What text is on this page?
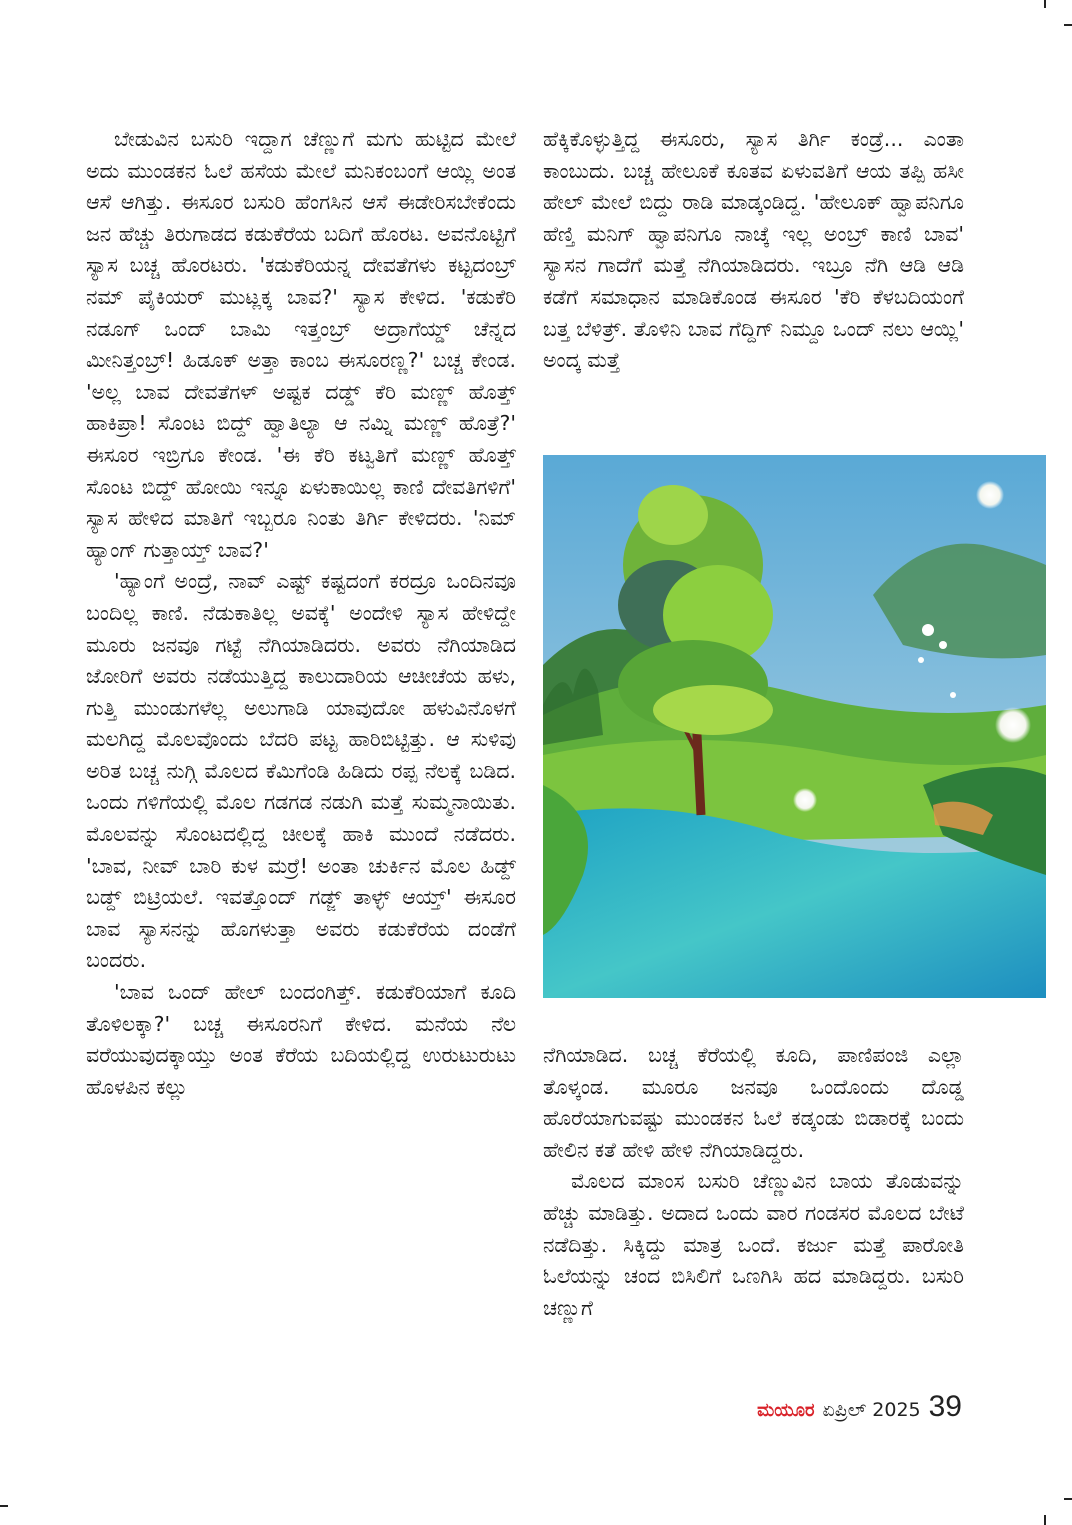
ಬೇಡುವಿನ ಬಸುರಿ ಇದ್ದಾಗ ಚೆಣ್ಣುಗೆ ಮಗು ಹುಟ್ಟಿದ ಮೇಲೆ ಅದು ಮುಂಡಕನ ಓಲೆ ಹಸೆಯ ಮೇಲೆ ಮನಿಕಂಬಂಗೆ ಆಯ್ಲಿ ಅಂತ ಆಸೆ ಆಗಿತ್ತು. ಈಸೂರ ಬಸುರಿ ಹೆಂಗಸಿನ ಆಸೆ ಈಡೇರಿಸಬೇಕೆಂದು ಜನ ಹೆಚ್ಚು ತಿರುಗಾಡದ ಕಡುಕೆರೆಯ ಬದಿಗೆ ಹೊರಟ. ಅವನೊಟ್ಟಿಗೆ ಸ್ಯಾಸ ಬಚ್ಚ ಹೊರಟರು. 'ಕಡುಕೆರಿಯನ್ನ ದೇವತೆಗಳು ಕಟ್ಟದಂಬ್ರ್ ನಮ್ ಪೈಕಿಯರ್ ಮುಟ್ಲಕ್ಕ ಬಾವ?' ಸ್ಯಾಸ ಕೇಳಿದ. 'ಕಡುಕೆರಿ ನಡೂಗ್ ಒಂದ್ ಬಾಮಿ ಇತ್ತಂಬ್ರ್ ಅದ್ರಾಗೆಯ್ಡ್ ಚೆನ್ನದ ಮೀನಿತ್ತಂಬ್ರ್! ಹಿಡೂಕ್ ಅತ್ತಾ ಕಾಂಬ ಈಸೂರಣ್ಣ?' ಬಚ್ಚ ಕೇಂಡ. 'ಅಲ್ಲ ಬಾವ ದೇವತೆಗಳ್ ಅಷ್ಟಕ ದಡ್ಡ್ ಕೆರಿ ಮಣ್ಣ್ ಹೊತ್ತ್ ಹಾಕಿಪ್ರಾ! ಸೊಂಟ ಬಿದ್ದ್ ಹ್ವಾತಿಲ್ಯಾ ಆ ನಮ್ನಿ ಮಣ್ಣ್ ಹೊತ್ರೆ?' ಈಸೂರ ಇಬ್ರಿಗೂ ಕೇಂಡ. 'ಈ ಕೆರಿ ಕಟ್ವತಿಗೆ ಮಣ್ಣ್ ಹೊತ್ತ್ ಸೊಂಟ ಬಿದ್ದ್ ಹೋಯಿ ಇನ್ನೂ ಏಳುಕಾಯಿಲ್ಲ ಕಾಣಿ ದೇವತಿಗಳಿಗೆ' ಸ್ಯಾಸ ಹೇಳಿದ ಮಾತಿಗೆ ಇಬ್ಬರೂ ನಿಂತು ತಿರ್ಗಿ ಕೇಳಿದರು. 'ನಿಮ್ ಹ್ಯಾಂಗ್ ಗುತ್ತಾಯ್ತ್ ಬಾವ?'

'ಹ್ಯಾಂಗೆ ಅಂದ್ರೆ, ನಾವ್ ಎಷ್ಟ್ ಕಷ್ಟದಂಗೆ ಕರದ್ರೂ ಒಂದಿನವೂ ಬಂದಿಲ್ಲ ಕಾಣಿ. ನೆಡುಕಾತಿಲ್ಲ ಅವಕ್ಕೆ' ಅಂದೇಳಿ ಸ್ಯಾಸ ಹೇಳಿದ್ದೇ ಮೂರು ಜನವೂ ಗಟ್ಟೆ ನೆಗಿಯಾಡಿದರು. ಅವರು ನೆಗಿಯಾಡಿದ ಜೋರಿಗೆ ಅವರು ನಡೆಯುತ್ತಿದ್ದ ಕಾಲುದಾರಿಯ ಆಚೀಚೆಯ ಹಳು, ಗುತ್ತಿ ಮುಂಡುಗಳೆಲ್ಲ ಅಲುಗಾಡಿ ಯಾವುದೋ ಹಳುವಿನೊಳಗೆ ಮಲಗಿದ್ದ ಮೊಲವೊಂದು ಬೆದರಿ ಪಟ್ಟ ಹಾರಿಬಿಟ್ಟಿತ್ತು. ಆ ಸುಳಿವು ಅರಿತ ಬಚ್ಚ ನುಗ್ಗಿ ಮೊಲದ ಕೆಮಿಗೆಂಡಿ ಹಿಡಿದು ರಪ್ಪ ನೆಲಕ್ಕೆ ಬಡಿದ. ಒಂದು ಗಳಿಗೆಯಲ್ಲಿ ಮೊಲ ಗಡಗಡ ನಡುಗಿ ಮತ್ತೆ ಸುಮ್ಮನಾಯಿತು. ಮೊಲವನ್ನು ಸೊಂಟದಲ್ಲಿದ್ದ ಚೀಲಕ್ಕೆ ಹಾಕಿ ಮುಂದೆ ನಡೆದರು. 'ಬಾವ, ನೀವ್ ಬಾರಿ ಕುಳ ಮರ್ರೆ! ಅಂತಾ ಚುರ್ಕಿನ ಮೊಲ ಹಿಡ್ದ್ ಬಡ್ದ್ ಬಿಟ್ರಿಯಲೆ. ಇವತ್ತೊಂದ್ ಗಡ್ಜ್ ತಾಳ್ಳ್ ಆಯ್ತ್' ಈಸೂರ ಬಾವ ಸ್ಯಾಸನನ್ನು ಹೊಗಳುತ್ತಾ ಅವರು ಕಡುಕೆರೆಯ ದಂಡೆಗೆ ಬಂದರು.

'ಬಾವ ಒಂದ್ ಹೇಲ್ ಬಂದಂಗಿತ್ತ್. ಕಡುಕೆರಿಯಾಗೆ ಕೂದಿ ತೊಳಿಲಕ್ಕಾ?' ಬಚ್ಚ ಈಸೂರನಿಗೆ ಕೇಳಿದ. ಮನೆಯ ನೆಲ ವರೆಯುವುದಕ್ಕಾಯ್ತು ಅಂತ ಕೆರೆಯ ಬದಿಯಲ್ಲಿದ್ದ ಉರುಟುರುಟು ಹೊಳಪಿನ ಕಲ್ಲು

ಹೆಕ್ಕಿಕೊಳ್ಳುತ್ತಿದ್ದ ಈಸೂರು, ಸ್ಯಾಸ ತಿರ್ಗಿ ಕಂಡ್ರೆ... ಎಂತಾ ಕಾಂಬುದು. ಬಚ್ಚ ಹೇಲೂಕೆ ಕೂತವ ಏಳುವತಿಗೆ ಆಯ ತಪ್ಪಿ ಹಸೀ ಹೇಲ್ ಮೇಲೆ ಬಿದ್ದು ರಾಡಿ ಮಾಡ್ಕಂಡಿದ್ದ. 'ಹೇಲೂಕ್ ಹ್ವಾಪನಿಗೂ ಹೆಣ್ತಿ ಮನಿಗ್ ಹ್ವಾಪನಿಗೂ ನಾಚ್ಕೆ ಇಲ್ಲ ಅಂಬ್ರ್ ಕಾಣಿ ಬಾವ' ಸ್ಯಾಸನ ಗಾದೆಗೆ ಮತ್ತೆ ನೆಗಿಯಾಡಿದರು. ಇಬ್ರೂ ನೆಗಿ ಆಡಿ ಆಡಿ ಕಡೆಗೆ ಸಮಾಧಾನ ಮಾಡಿಕೊಂಡ ಈಸೂರ 'ಕೆರಿ ಕೆಳಬದಿಯಂಗೆ ಬತ್ತ ಬೆಳಿತ್ರ್. ತೊಳಿನಿ ಬಾವ ಗೆದ್ದಿಗ್ ನಿಮ್ದೂ ಒಂದ್ ನಲು ಆಯ್ಲಿ' ಅಂದ್ಕ ಮತ್ತೆ

ನೆಗಿಯಾಡಿದ. ಬಚ್ಚ ಕೆರೆಯಲ್ಲಿ ಕೂದಿ, ಪಾಣಿಪಂಜಿ ಎಲ್ಲಾ ತೊಳ್ಕಂಡ. ಮೂರೂ ಜನವೂ ಒಂದೊಂದು ದೊಡ್ಡ ಹೊರೆಯಾಗುವಷ್ಟು ಮುಂಡಕನ ಓಲೆ ಕಡ್ಕಂಡು ಬಿಡಾರಕ್ಕೆ ಬಂದು ಹೇಲಿನ ಕತೆ ಹೇಳಿ ಹೇಳಿ ನೆಗಿಯಾಡಿದ್ದರು.

ಮೊಲದ ಮಾಂಸ ಬಸುರಿ ಚೆಣ್ಣುವಿನ ಬಾಯ ತೊಡುವನ್ನು ಹೆಚ್ಚು ಮಾಡಿತ್ತು. ಅದಾದ ಒಂದು ವಾರ ಗಂಡಸರ ಮೊಲದ ಬೇಟೆ ನಡೆದಿತ್ತು. ಸಿಕ್ಕಿದ್ದು ಮಾತ್ರ ಒಂದೆ. ಕರ್ಜು ಮತ್ತೆ ಪಾರೋತಿ ಓಲೆಯನ್ನು ಚಂದ ಬಿಸಿಲಿಗೆ ಒಣಗಿಸಿ ಹದ ಮಾಡಿದ್ದರು. ಬಸುರಿ ಚಣ್ಣುಗೆ

ಮಯೂರ ಏಪ್ರಿಲ್ 2025 39
